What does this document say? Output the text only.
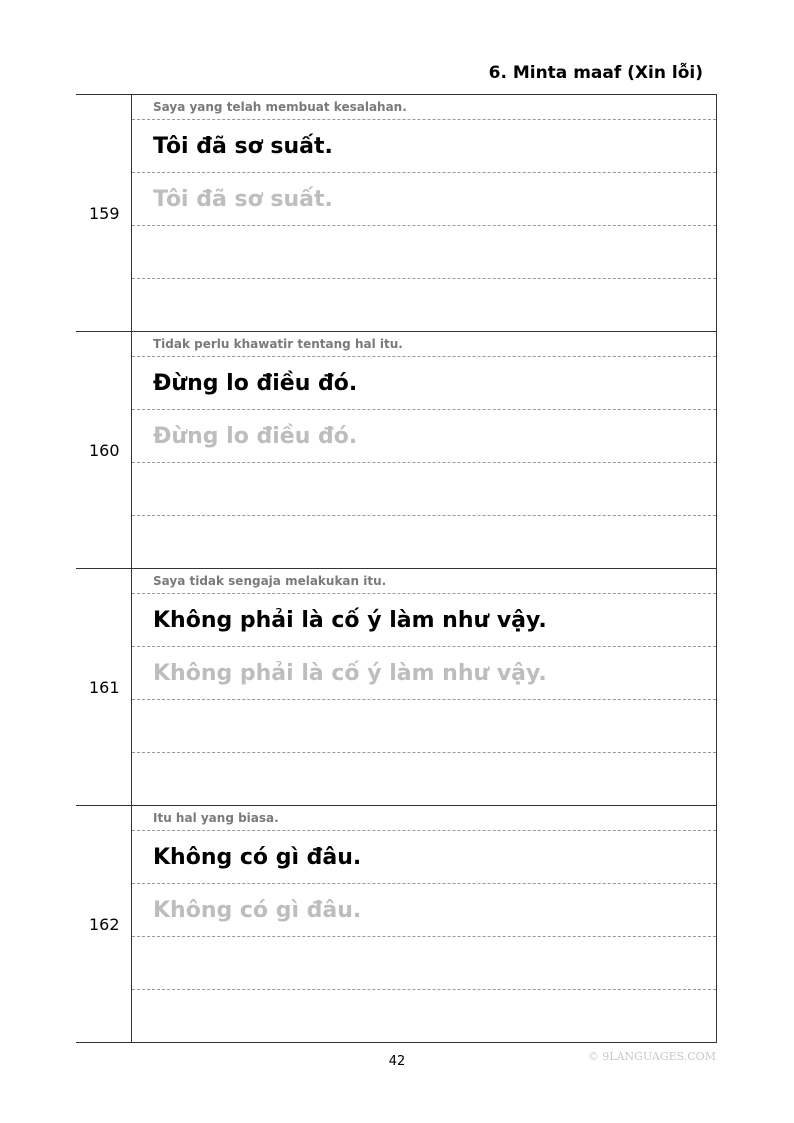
6. Minta maaf (Xin lỗi)
159
Saya yang telah membuat kesalahan.
Tôi đã sơ suất.
Tôi đã sơ suất.
160
Tidak perlu khawatir tentang hal itu.
Đừng lo điều đó.
Đừng lo điều đó.
161
Saya tidak sengaja melakukan itu.
Không phải là cố ý làm như vậy.
Không phải là cố ý làm như vậy.
162
Itu hal yang biasa.
Không có gì đâu.
Không có gì đâu.
42	© 9LANGUAGES.COM
